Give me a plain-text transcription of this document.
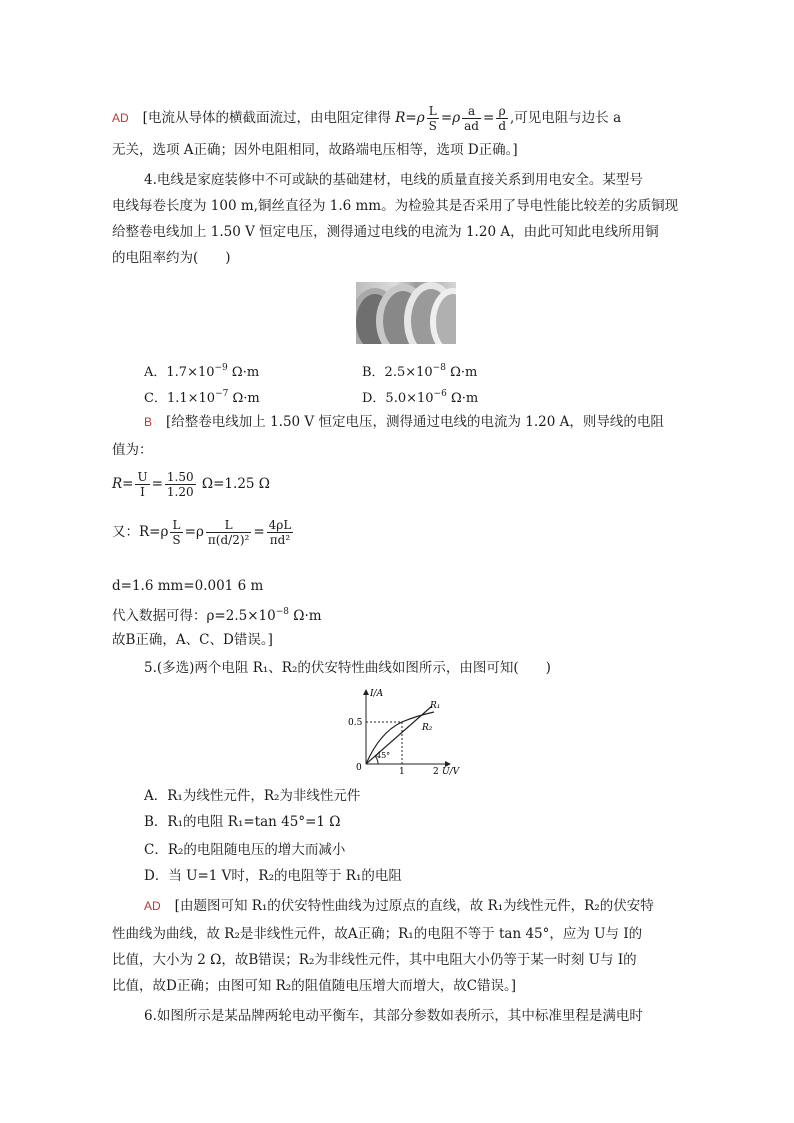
AD [电流从导体的横截面流过，由电阻定律得 $R=\rho \frac{L}{S} =\rho \frac{a}{ad} = \frac{\rho}{d}$ ,可见电阻与边长 a
无关，选项 A正确；因外电阻相同，故路端电压相等，选项 D正确。]
4.电线是家庭装修中不可或缺的基础建材，电线的质量直接关系到用电安全。某型号
电线每卷长度为 100 m,铜丝直径为 1.6 mm。为检验其是否采用了导电性能比较差的劣质铜现
给整卷电线加上 1.50 V 恒定电压，测得通过电线的电流为 1.20 A，由此可知此电线所用铜
的电阻率约为(　　)
A．$1.7\times 10^{-9}$ Ω·m	B．$2.5\times 10^{-8}$ Ω·m
C．$1.1\times 10^{-7}$ Ω·m	D．$5.0\times 10^{-6}$ Ω·m
B [给整卷电线加上 1.50 V 恒定电压，测得通过电线的电流为 1.20 A，则导线的电阻
值为：
$R= \frac{U}{I} = \frac{1.50}{1.20} \Omega=1.25$ Ω
又：$R=\rho \frac{L}{S} =\rho \frac{L}{\text{π(d/2)²}} = \frac{4\rho L}{\text{πd²}}$
d=1.6 mm=0.001 6 m
代入数据可得：$\rho=2.5\times 10^{-8}$ Ω·m
故B正确，A、C、D错误。]
5.(多选)两个电阻 R₁、R₂的伏安特性曲线如图所示，由图可知(　　)
I/A
U/V
0	1	2
0.5
45°
R₁
R₂
A．R₁为线性元件，R₂为非线性元件
B．R₁的电阻 R₁=tan 45°=1 Ω
C．R₂的电阻随电压的增大而减小
D．当 U=1 V时，R₂的电阻等于 R₁的电阻
AD [由题图可知 R₁的伏安特性曲线为过原点的直线，故 R₁为线性元件，R₂的伏安特
性曲线为曲线，故 R₂是非线性元件，故A正确；R₁的电阻不等于 tan 45°，应为 U与 I的
比值，大小为 2 Ω，故B错误；R₂为非线性元件，其中电阻大小仍等于某一时刻 U与 I的
比值，故D正确；由图可知 R₂的阻值随电压增大而增大，故C错误。]
6.如图所示是某品牌两轮电动平衡车，其部分参数如表所示，其中标准里程是满电时
